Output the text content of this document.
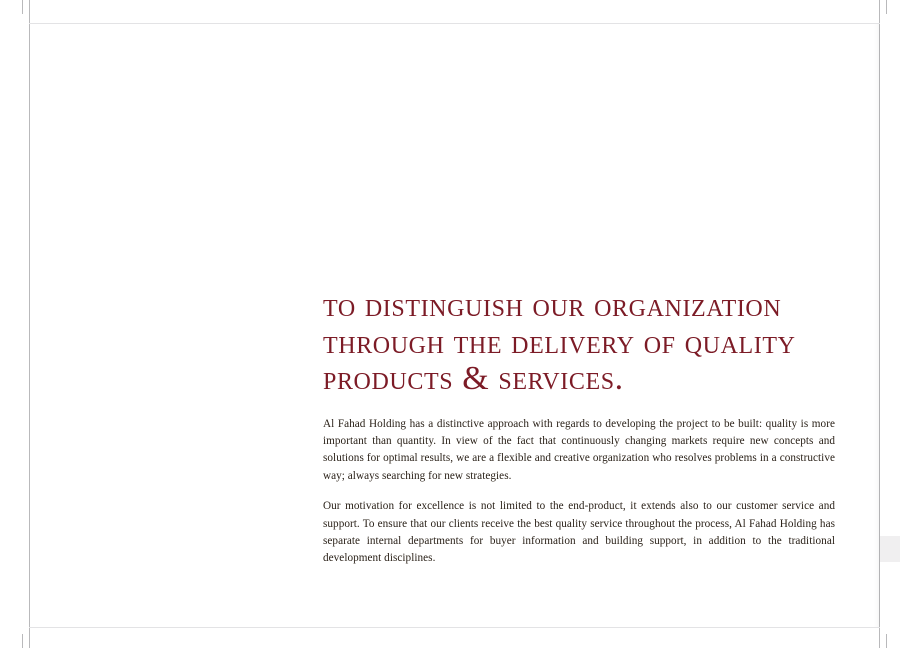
to distinguish our organization through the delivery of quality products & services.

Al Fahad Holding has a distinctive approach with regards to developing the project to be built: quality is more important than quantity. In view of the fact that continuously changing markets require new concepts and solutions for optimal results, we are a flexible and creative organization who resolves problems in a constructive way; always searching for new strategies.

Our motivation for excellence is not limited to the end-product, it extends also to our customer service and support. To ensure that our clients receive the best quality service throughout the process, Al Fahad Holding has separate internal departments for buyer information and building support, in addition to the traditional development disciplines.
